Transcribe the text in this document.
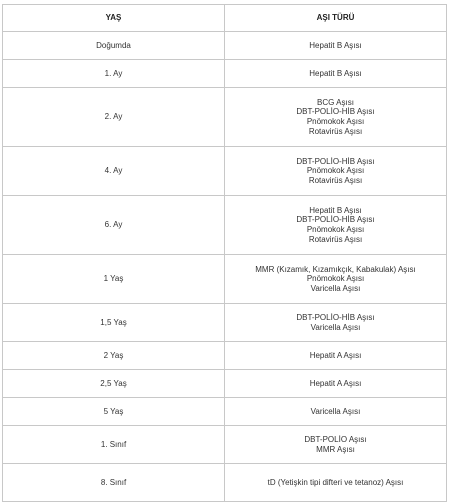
YAŞ	AŞI TÜRÜ
Doğumda	Hepatit B Aşısı

1. Ay	Hepatit B Aşısı

2. Ay	BCG Aşısı
DBT-POLİO-HİB Aşısı
Pnömokok Aşısı
Rotavirüs Aşısı

4. Ay	DBT-POLİO-HİB Aşısı
Pnömokok Aşısı
Rotavirüs Aşısı

6. Ay	Hepatit B Aşısı
DBT-POLİO-HİB Aşısı
Pnömokok Aşısı
Rotavirüs Aşısı

1 Yaş	MMR (Kızamık, Kızamıkçık, Kabakulak) Aşısı
Pnömokok Aşısı
Varicella Aşısı

1,5 Yaş	DBT-POLİO-HİB Aşısı
Varicella Aşısı

2 Yaş	Hepatit A Aşısı

2,5 Yaş	Hepatit A Aşısı

5 Yaş	Varicella Aşısı

1. Sınıf	DBT-POLİO Aşısı
MMR Aşısı

8. Sınıf	tD (Yetişkin tipi difteri ve tetanoz) Aşısı
